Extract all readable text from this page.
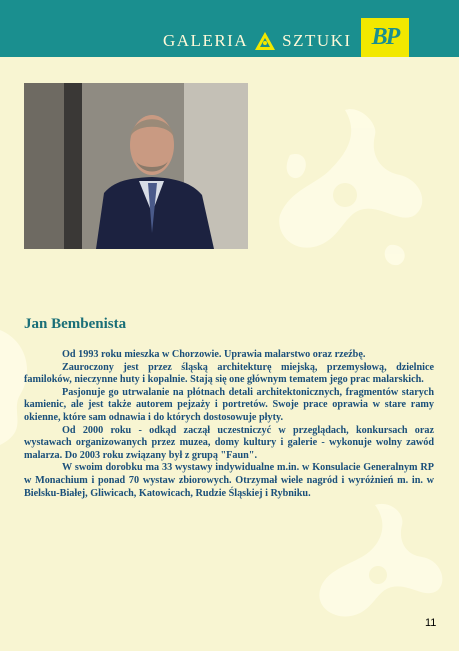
GALERIA SZTUKI BP
Jan Bembenista

Od 1993 roku mieszka w Chorzowie. Uprawia malarstwo oraz rzeźbę.

Zauroczony jest przez śląską architekturę miejską, przemysłową, dzielnice familoków, nieczynne huty i kopalnie. Stają się one głównym tematem jego prac malarskich.

Pasjonuje go utrwalanie na płótnach detali architektonicznych, fragmentów starych kamienic, ale jest także autorem pejzaży i portretów. Swoje prace oprawia w stare ramy okienne, które sam odnawia i do których dostosowuje płyty.

Od 2000 roku - odkąd zaczął uczestniczyć w przeglądach, konkursach oraz wystawach organizowanych przez muzea, domy kultury i galerie - wykonuje wolny zawód malarza. Do 2003 roku związany był z grupą "Faun".

W swoim dorobku ma 33 wystawy indywidualne m.in. w Konsulacie Generalnym RP w Monachium i ponad 70 wystaw zbiorowych. Otrzymał wiele nagród i wyróżnień m. in. w Bielsku-Białej, Gliwicach, Katowicach, Rudzie Śląskiej i Rybniku.

11
